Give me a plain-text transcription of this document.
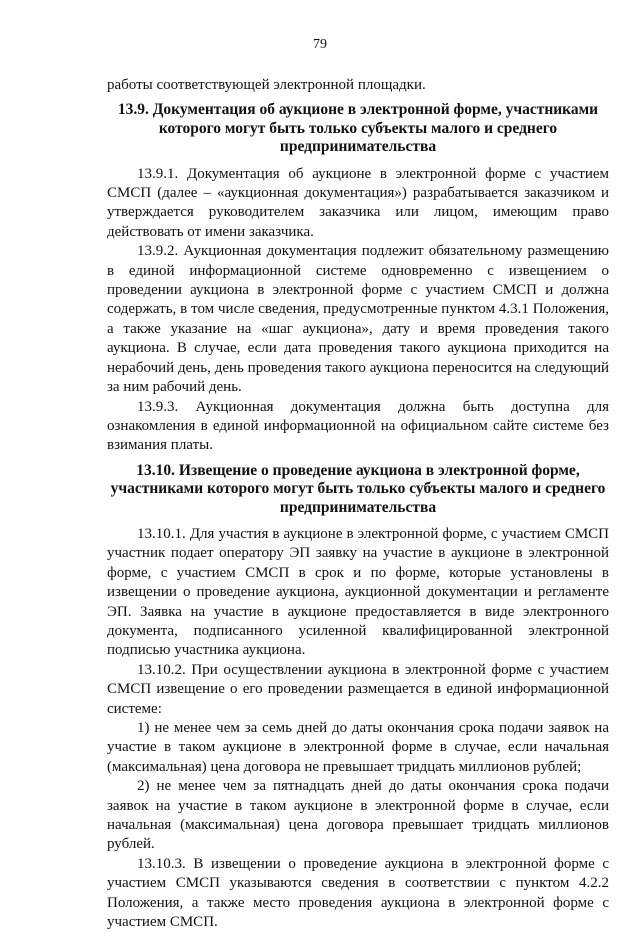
79

работы соответствующей электронной площадки.

13.9. Документация об аукционе в электронной форме, участниками которого могут быть только субъекты малого и среднего предпринимательства

13.9.1. Документация об аукционе в электронной форме с участием СМСП (далее – «аукционная документация») разрабатывается заказчиком и утверждается руководителем заказчика или лицом, имеющим право действовать от имени заказчика.

13.9.2. Аукционная документация подлежит обязательному размещению в единой информационной системе одновременно с извещением о проведении аукциона в электронной форме с участием СМСП и должна содержать, в том числе сведения, предусмотренные пунктом 4.3.1 Положения, а также указание на «шаг аукциона», дату и время проведения такого аукциона. В случае, если дата проведения такого аукциона приходится на нерабочий день, день проведения такого аукциона переносится на следующий за ним рабочий день.

13.9.3. Аукционная документация должна быть доступна для ознакомления в единой информационной на официальном сайте системе без взимания платы.

13.10. Извещение о проведение аукциона в электронной форме, участниками которого могут быть только субъекты малого и среднего предпринимательства

13.10.1. Для участия в аукционе в электронной форме, с участием СМСП участник подает оператору ЭП заявку на участие в аукционе в электронной форме, с участием СМСП в срок и по форме, которые установлены в извещении о проведение аукциона, аукционной документации и регламенте ЭП. Заявка на участие в аукционе предоставляется в виде электронного документа, подписанного усиленной квалифицированной электронной подписью участника аукциона.

13.10.2. При осуществлении аукциона в электронной форме с участием СМСП извещение о его проведении размещается в единой информационной системе:

1) не менее чем за семь дней до даты окончания срока подачи заявок на участие в таком аукционе в электронной форме в случае, если начальная (максимальная) цена договора не превышает тридцать миллионов рублей;

2) не менее чем за пятнадцать дней до даты окончания срока подачи заявок на участие в таком аукционе в электронной форме в случае, если начальная (максимальная) цена договора превышает тридцать миллионов рублей.

13.10.3. В извещении о проведение аукциона в электронной форме с участием СМСП указываются сведения в соответствии с пунктом 4.2.2 Положения, а также место проведения аукциона в электронной форме с участием СМСП.
